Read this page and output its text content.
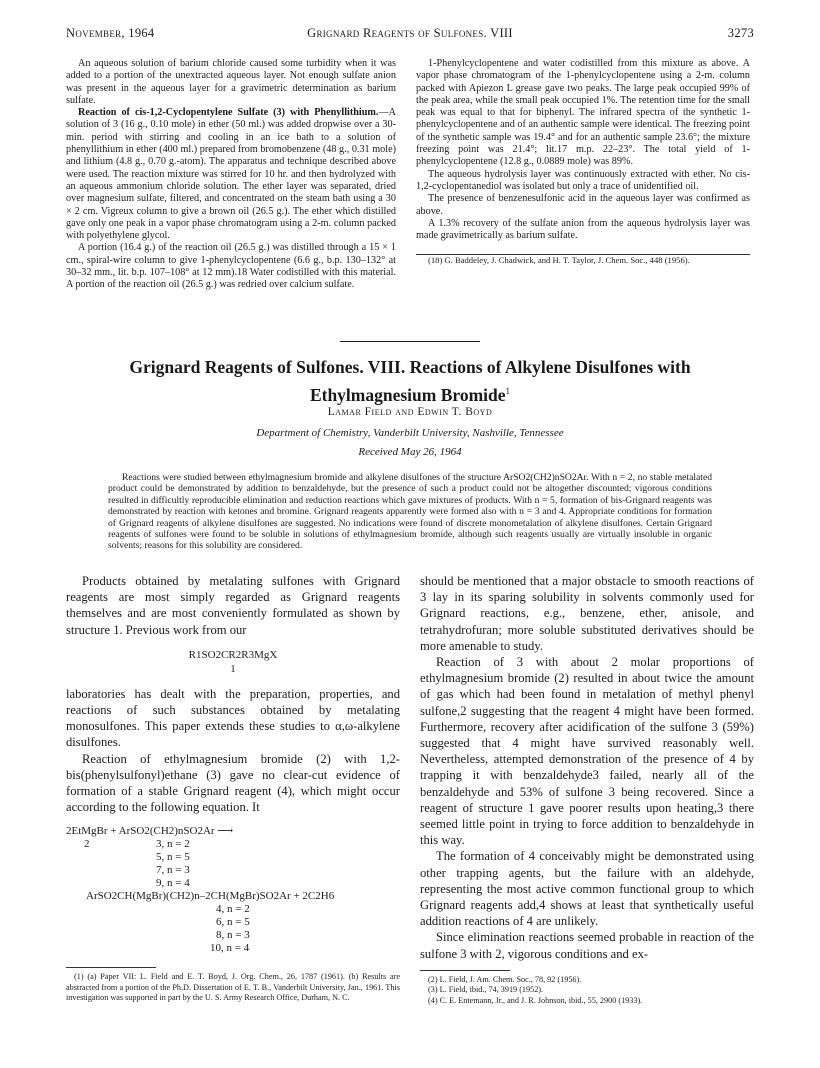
November, 1964	Grignard Reagents of Sulfones. VIII	3273

An aqueous solution of barium chloride caused some turbidity when it was added to a portion of the unextracted aqueous layer. Not enough sulfate anion was present in the aqueous layer for a gravimetric determination as barium sulfate.

Reaction of cis-1,2-Cyclopentylene Sulfate (3) with Phenyllithium.—A solution of 3 (16 g., 0.10 mole) in ether (50 ml.) was added dropwise over a 30-min. period with stirring and cooling in an ice bath to a solution of phenyllithium in ether (400 ml.) prepared from bromobenzene (48 g., 0.31 mole) and lithium (4.8 g., 0.70 g.-atom). The apparatus and technique described above were used. The reaction mixture was stirred for 10 hr. and then hydrolyzed with an aqueous ammonium chloride solution. The ether layer was separated, dried over magnesium sulfate, filtered, and concentrated on the steam bath using a 30 × 2 cm. Vigreux column to give a brown oil (26.5 g.). The ether which distilled gave only one peak in a vapor phase chromatogram using a 2-m. column packed with polyethylene glycol.

A portion (16.4 g.) of the reaction oil (26.5 g.) was distilled through a 15 × 1 cm., spiral-wire column to give 1-phenylcyclopentene (6.6 g., b.p. 130–132° at 30–32 mm., lit. b.p. 107–108° at 12 mm).18 Water codistilled with this material. A portion of the reaction oil (26.5 g.) was redried over calcium sulfate.

1-Phenylcyclopentene and water codistilled from this mixture as above. A vapor phase chromatogram of the 1-phenylcyclopentene using a 2-m. column packed with Apiezon L grease gave two peaks. The large peak occupied 99% of the peak area, while the small peak occupied 1%. The retention time for the small peak was equal to that for biphenyl. The infrared spectra of the synthetic 1-phenylcyclopentene and of an authentic sample were identical. The freezing point of the synthetic sample was 19.4° and for an authentic sample 23.6°; the mixture freezing point was 21.4°; lit.17 m.p. 22–23°. The total yield of 1-phenylcyclopentene (12.8 g., 0.0889 mole) was 89%.

The aqueous hydrolysis layer was continuously extracted with ether. No cis-1,2-cyclopentanediol was isolated but only a trace of unidentified oil.

The presence of benzenesulfonic acid in the aqueous layer was confirmed as above.

A 1.3% recovery of the sulfate anion from the aqueous hydrolysis layer was made gravimetrically as barium sulfate.

(18) G. Baddeley, J. Chadwick, and H. T. Taylor, J. Chem. Soc., 448 (1956).

Grignard Reagents of Sulfones. VIII. Reactions of Alkylene Disulfones with
Ethylmagnesium Bromide$^1$
Lamar Field and Edwin T. Boyd
Department of Chemistry, Vanderbilt University, Nashville, Tennessee
Received May 26, 1964
Reactions were studied between ethylmagnesium bromide and alkylene disulfones of the structure ArSO2(CH2)nSO2Ar. With n = 2, no stable metalated product could be demonstrated by addition to benzaldehyde, but the presence of such a product could not be altogether discounted; vigorous conditions resulted in difficultly reproducible elimination and reduction reactions which gave mixtures of products. With n = 5, formation of bis-Grignard reagents was demonstrated by reaction with ketones and bromine. Grignard reagents apparently were formed also with n = 3 and 4. Appropriate conditions for formation of Grignard reagents of alkylene disulfones are suggested. No indications were found of discrete monometalation of alkylene disulfones. Certain Grignard reagents of sulfones were found to be soluble in solutions of ethylmagnesium bromide, although such reagents usually are virtually insoluble in organic solvents; reasons for this solubility are considered.

Products obtained by metalating sulfones with Grignard reagents are most simply regarded as Grignard reagents themselves and are most conveniently formulated as shown by structure 1. Previous work from our

R1SO2CR2R3MgX
1

laboratories has dealt with the preparation, properties, and reactions of such substances obtained by metalating monosulfones. This paper extends these studies to α,ω-alkylene disulfones.

Reaction of ethylmagnesium bromide (2) with 1,2-bis(phenylsulfonyl)ethane (3) gave no clear-cut evidence of formation of a stable Grignard reagent (4), which might occur according to the following equation. It

2EtMgBr + ArSO2(CH2)nSO2Ar ⟶
2	3, n = 2
5, n = 5
7, n = 3
9, n = 4
ArSO2CH(MgBr)(CH2)n–2CH(MgBr)SO2Ar + 2C2H6
4, n = 2
6, n = 5
8, n = 3
10, n = 4

(1) (a) Paper VII: L. Field and E. T. Boyd, J. Org. Chem., 26, 1787 (1961). (b) Results are abstracted from a portion of the Ph.D. Dissertation of E. T. B., Vanderbilt University, Jan., 1961. This investigation was supported in part by the U. S. Army Research Office, Durham, N. C.

should be mentioned that a major obstacle to smooth reactions of 3 lay in its sparing solubility in solvents commonly used for Grignard reactions, e.g., benzene, ether, anisole, and tetrahydrofuran; more soluble substituted derivatives should be more amenable to study.

Reaction of 3 with about 2 molar proportions of ethylmagnesium bromide (2) resulted in about twice the amount of gas which had been found in metalation of methyl phenyl sulfone,2 suggesting that the reagent 4 might have been formed. Furthermore, recovery after acidification of the sulfone 3 (59%) suggested that 4 might have survived reasonably well. Nevertheless, attempted demonstration of the presence of 4 by trapping it with benzaldehyde3 failed, nearly all of the benzaldehyde and 53% of sulfone 3 being recovered. Since a reagent of structure 1 gave poorer results upon heating,3 there seemed little point in trying to force addition to benzaldehyde in this way.

The formation of 4 conceivably might be demonstrated using other trapping agents, but the failure with an aldehyde, representing the most active common functional group to which Grignard reagents add,4 shows at least that synthetically useful addition reactions of 4 are unlikely.

Since elimination reactions seemed probable in reaction of the sulfone 3 with 2, vigorous conditions and ex-

(2) L. Field, J. Am. Chem. Soc., 78, 92 (1956).

(3) L. Field, ibid., 74, 3919 (1952).

(4) C. E. Entemann, Jr., and J. R. Johnson, ibid., 55, 2900 (1933).
